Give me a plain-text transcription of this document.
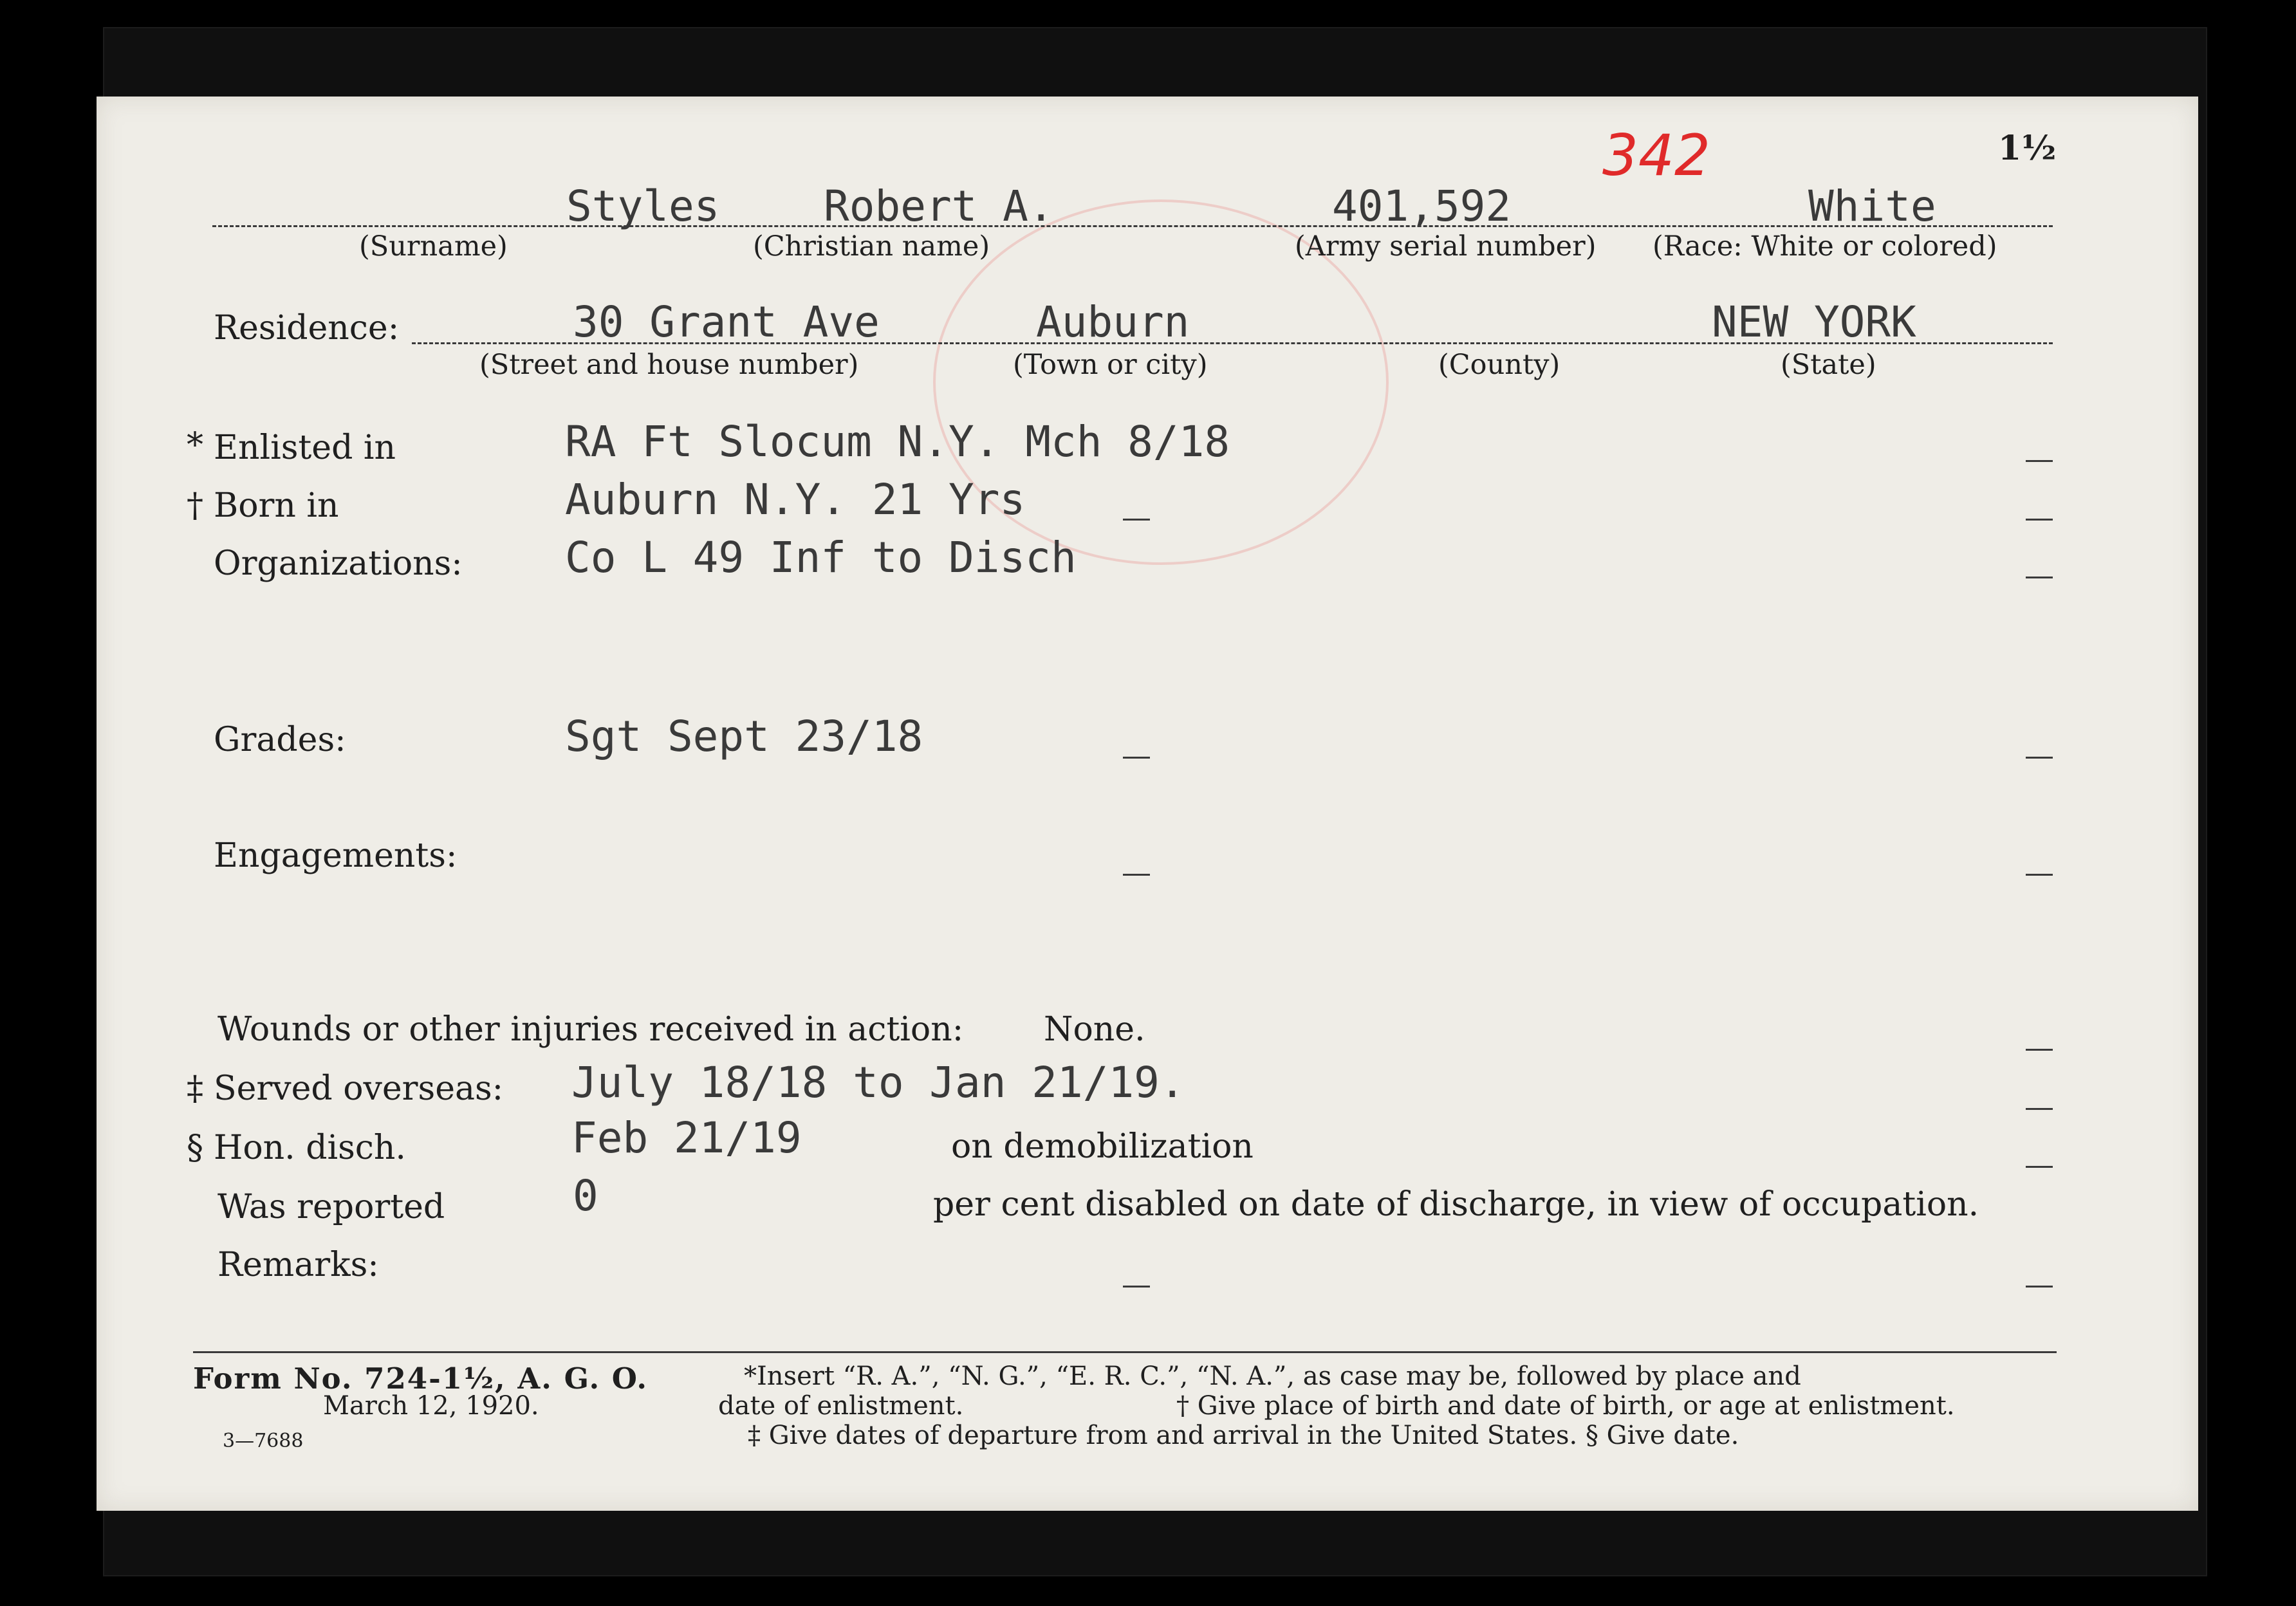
1½
342
Styles Robert A.	401,592	White
(Surname)	(Christian name)	(Army serial number) (Race: White or colored)
Residence:	30 Grant Ave	Auburn	NEW YORK
(Street and house number)	(Town or city)	(County)	(State)
* Enlisted in	RA Ft Slocum N.Y. Mch 8/18
† Born in	Auburn N.Y. 21 Yrs
Organizations: Co L 49 Inf to Disch
Grades:	Sgt Sept 23/18
Engagements:
Wounds or other injuries received in action: None.
‡ Served overseas: July 18/18 to Jan 21/19.
§ Hon. disch.	Feb 21/19	on demobilization
Was reported	0	per cent disabled on date of discharge, in view of occupation.
Remarks:
Form No. 724-1½, A. G. O.
March 12, 1920.
3—7688
*Insert “R. A.”, “N. G.”, “E. R. C.”, “N. A.”, as case may be, followed by place and
date of enlistment.	† Give place of birth and date of birth, or age at enlistment.
‡ Give dates of departure from and arrival in the United States. § Give date.
